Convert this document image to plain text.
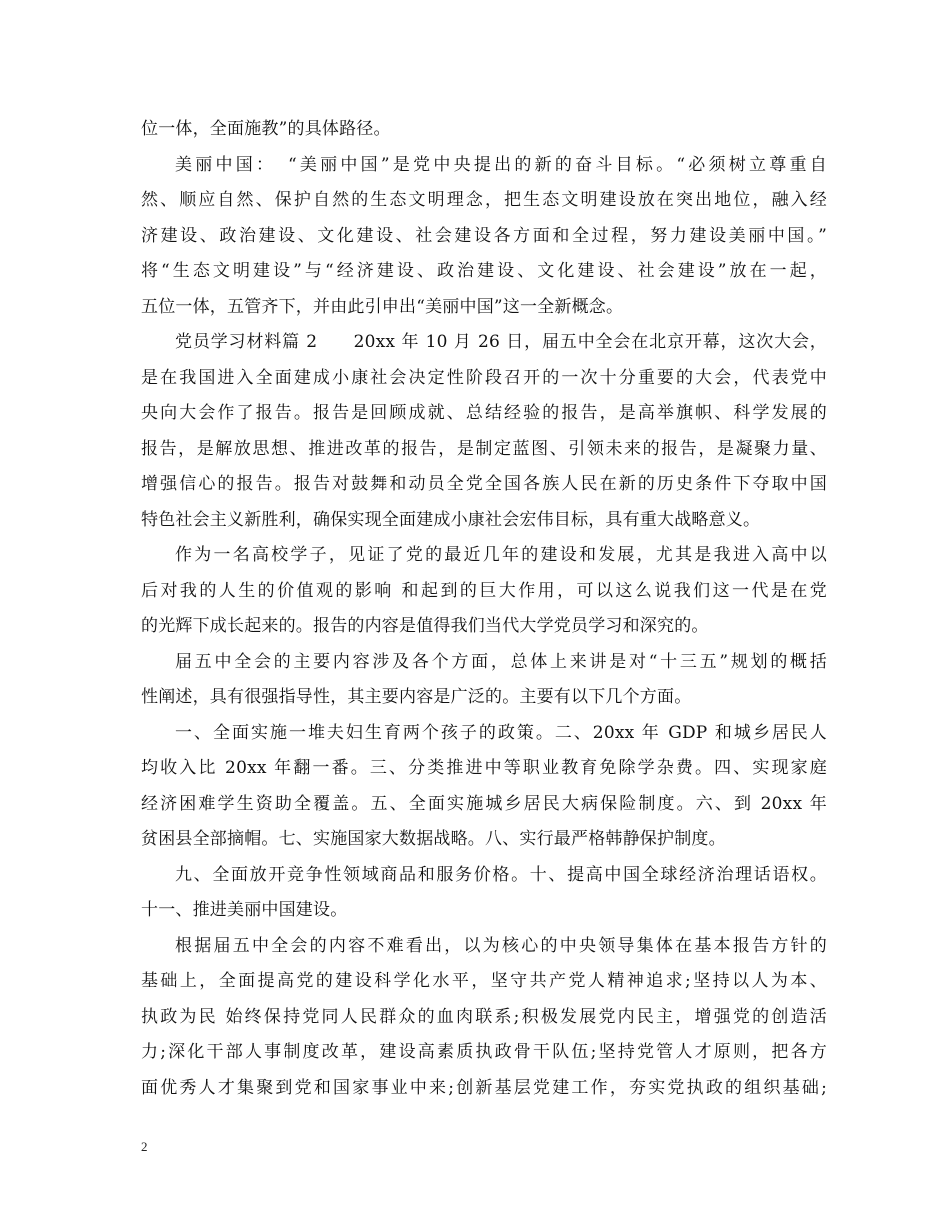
位一体，全面施教”的具体路径。
美丽中国：　“美丽中国”是党中央提出的新的奋斗目标。“必须树立尊重自
然、顺应自然、保护自然的生态文明理念，把生态文明建设放在突出地位，融入经
济建设、政治建设、文化建设、社会建设各方面和全过程，努力建设美丽中国。”
将“生态文明建设”与“经济建设、政治建设、文化建设、社会建设”放在一起，
五位一体，五管齐下，并由此引申出“美丽中国”这一全新概念。
党员学习材料篇 2　　20xx 年 10 月 26 日，届五中全会在北京开幕，这次大会，
是在我国进入全面建成小康社会决定性阶段召开的一次十分重要的大会，代表党中
央向大会作了报告。报告是回顾成就、总结经验的报告，是高举旗帜、科学发展的
报告，是解放思想、推进改革的报告，是制定蓝图、引领未来的报告，是凝聚力量、
增强信心的报告。报告对鼓舞和动员全党全国各族人民在新的历史条件下夺取中国
特色社会主义新胜利，确保实现全面建成小康社会宏伟目标，具有重大战略意义。
作为一名高校学子，见证了党的最近几年的建设和发展，尤其是我进入高中以
后对我的人生的价值观的影响 和起到的巨大作用，可以这么说我们这一代是在党
的光辉下成长起来的。报告的内容是值得我们当代大学党员学习和深究的。
届五中全会的主要内容涉及各个方面，总体上来讲是对“十三五”规划的概括
性阐述，具有很强指导性，其主要内容是广泛的。主要有以下几个方面。
一、全面实施一堆夫妇生育两个孩子的政策。二、20xx 年 GDP 和城乡居民人
均收入比 20xx 年翻一番。三、分类推进中等职业教育免除学杂费。四、实现家庭
经济困难学生资助全覆盖。五、全面实施城乡居民大病保险制度。六、到 20xx 年
贫困县全部摘帽。七、实施国家大数据战略。八、实行最严格韩静保护制度。
九、全面放开竞争性领域商品和服务价格。十、提高中国全球经济治理话语权。
十一、推进美丽中国建设。
根据届五中全会的内容不难看出，以为核心的中央领导集体在基本报告方针的
基础上，全面提高党的建设科学化水平，坚守共产党人精神追求;坚持以人为本、
执政为民 始终保持党同人民群众的血肉联系;积极发展党内民主，增强党的创造活
力;深化干部人事制度改革，建设高素质执政骨干队伍;坚持党管人才原则，把各方
面优秀人才集聚到党和国家事业中来;创新基层党建工作，夯实党执政的组织基础;
2
